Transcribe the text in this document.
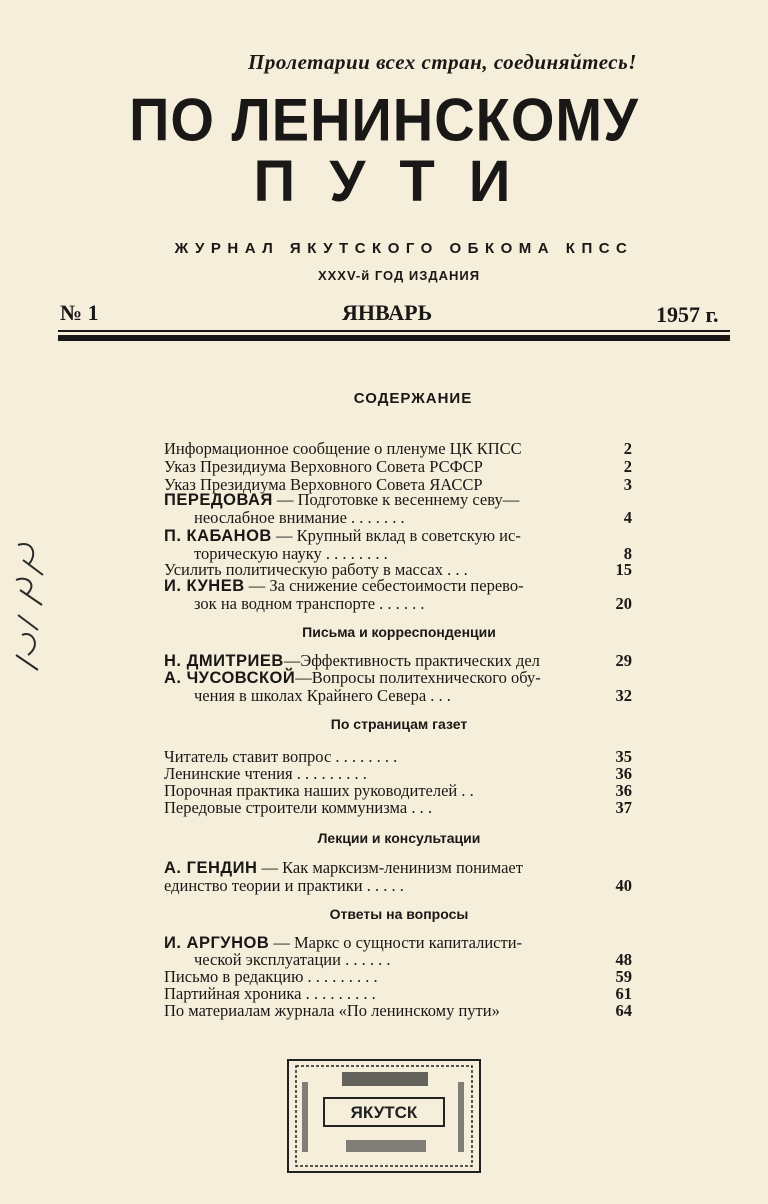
Пролетарии всех стран, соединяйтесь!
ПО ЛЕНИНСКОМУ
ПУТИ
ЖУРНАЛ ЯКУТСКОГО ОБКОМА КПСС
XXXV-й ГОД ИЗДАНИЯ
№ 1	ЯНВАРЬ	1957 г.
СОДЕРЖАНИЕ
Информационное сообщение о пленуме ЦК КПСС	2
Указ Президиума Верховного Совета РСФСР	2
Указ Президиума Верховного Совета ЯАССР	3
ПЕРЕДОВАЯ — Подготовке к весеннему севу—
неослабное внимание . . . . . . .	4
П. КАБАНОВ — Крупный вклад в советскую ис-
торическую науку . . . . . . . .	8
Усилить политическую работу в массах . . .	15
И. КУНЕВ — За снижение себестоимости перево-
зок на водном транспорте . . . . . .	20
Письма и корреспонденции
Н. ДМИТРИЕВ—Эффективность практических дел	29
А. ЧУСОВСКОЙ—Вопросы политехнического обу-
чения в школах Крайнего Севера . . .	32
По страницам газет
Читатель ставит вопрос . . . . . . . .	35
Ленинские чтения . . . . . . . . .	36
Порочная практика наших руководителей . .	36
Передовые строители коммунизма . . .	37
Лекции и консультации
А. ГЕНДИН — Как марксизм-ленинизм понимает
единство теории и практики . . . . .	40
Ответы на вопросы
И. АРГУНОВ — Маркс о сущности капиталисти-
ческой эксплуатации . . . . . .	48
Письмо в редакцию . . . . . . . . .	59
Партийная хроника . . . . . . . . .	61
По материалам журнала «По ленинскому пути»	64
ЯКУТСК
